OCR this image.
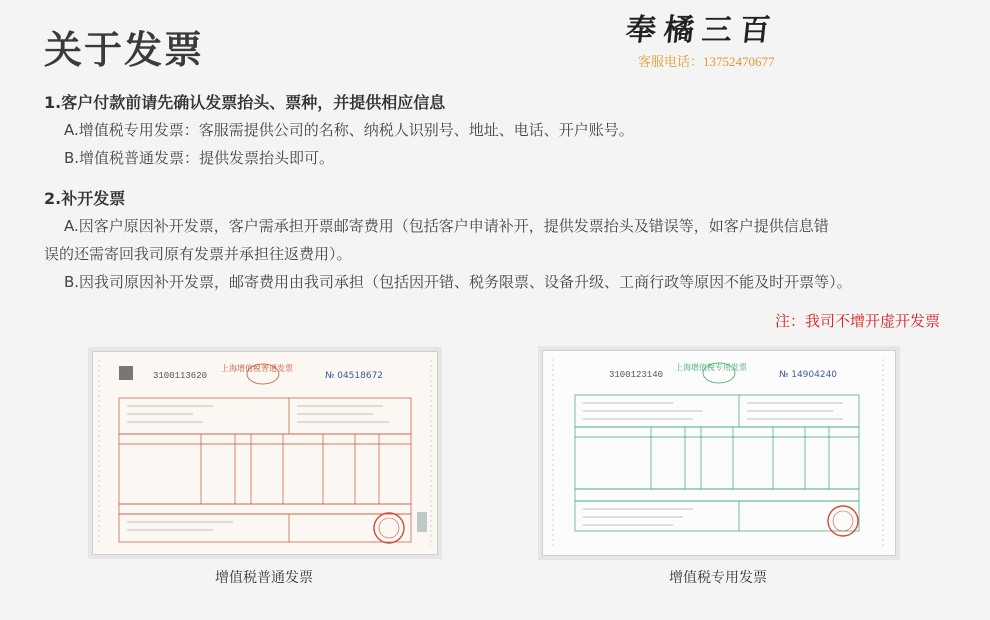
关于发票	奉橘三百
客服电话：13752470677

1.客户付款前请先确认发票抬头、票种，并提供相应信息

A.增值税专用发票：客服需提供公司的名称、纳税人识别号、地址、电话、开户账号。

B.增值税普通发票：提供发票抬头即可。

2.补开发票

A.因客户原因补开发票，客户需承担开票邮寄费用（包括客户申请补开，提供发票抬头及错误等，如客户提供信息错

误的还需寄回我司原有发票并承担往返费用）。

B.因我司原因补开发票，邮寄费用由我司承担（包括因开错、税务限票、设备升级、工商行政等原因不能及时开票等）。

注：我司不增开虚开发票
3100113620
上海增值税普通发票
№ 04518672	3100123140
上海增值税专用发票
№ 14904240
增值税普通发票	增值税专用发票
